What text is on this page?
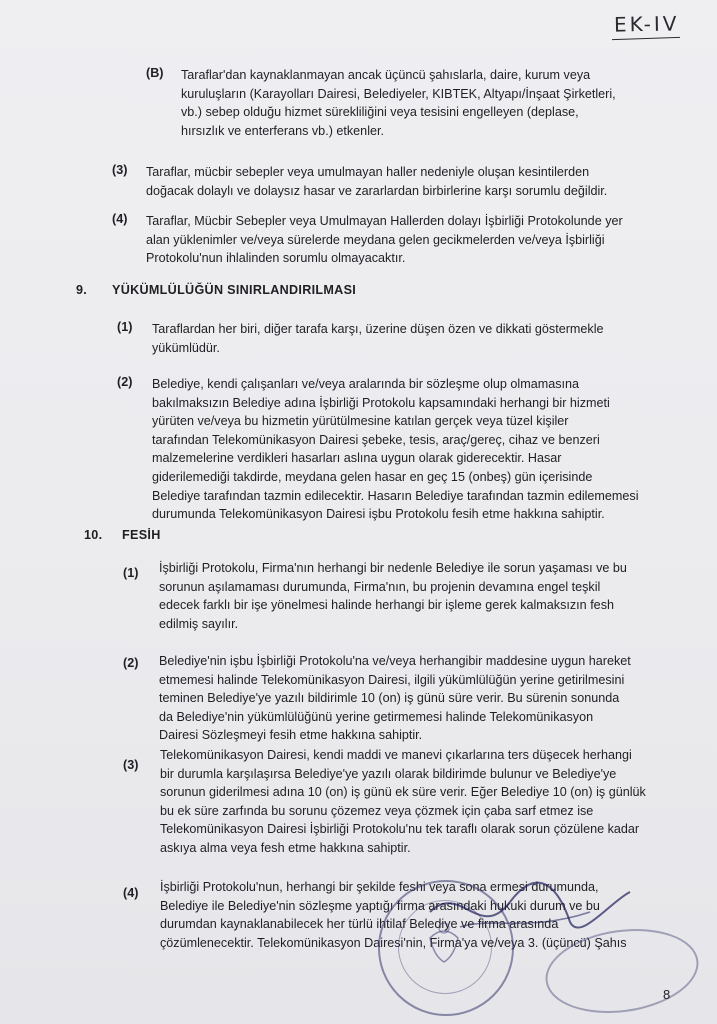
EK-IV
(B) Taraflar'dan kaynaklanmayan ancak üçüncü şahıslarla, daire, kurum veya
kuruluşların (Karayolları Dairesi, Belediyeler, KIBTEK, Altyapı/İnşaat Şirketleri,
vb.) sebep olduğu hizmet sürekliliğini veya tesisini engelleyen (deplase,
hırsızlık ve enterferans vb.) etkenler.
(3) Taraflar, mücbir sebepler veya umulmayan haller nedeniyle oluşan kesintilerden
doğacak dolaylı ve dolaysız hasar ve zararlardan birbirlerine karşı sorumlu değildir.
(4) Taraflar, Mücbir Sebepler veya Umulmayan Hallerden dolayı İşbirliği Protokolunde yer
alan yüklenimler ve/veya sürelerde meydana gelen gecikmelerden ve/veya İşbirliği
Protokolu'nun ihlalinden sorumlu olmayacaktır.
9. YÜKÜMLÜLÜĞÜN SINIRLANDIRILMASI
(1) Taraflardan her biri, diğer tarafa karşı, üzerine düşen özen ve dikkati göstermekle
yükümlüdür.
(2) Belediye, kendi çalışanları ve/veya aralarında bir sözleşme olup olmamasına
bakılmaksızın Belediye adına İşbirliği Protokolu kapsamındaki herhangi bir hizmeti
yürüten ve/veya bu hizmetin yürütülmesine katılan gerçek veya tüzel kişiler
tarafından Telekomünikasyon Dairesi şebeke, tesis, araç/gereç, cihaz ve benzeri
malzemelerine verdikleri hasarları aslına uygun olarak giderecektir. Hasar
giderilemediği takdirde, meydana gelen hasar en geç 15 (onbeş) gün içerisinde
Belediye tarafından tazmin edilecektir. Hasarın Belediye tarafından tazmin edilememesi
durumunda Telekomünikasyon Dairesi işbu Protokolu fesih etme hakkına sahiptir.
10. FESİH
(1) İşbirliği Protokolu, Firma'nın herhangi bir nedenle Belediye ile sorun yaşaması ve bu
sorunun aşılamaması durumunda, Firma'nın, bu projenin devamına engel teşkil
edecek farklı bir işe yönelmesi halinde herhangi bir işleme gerek kalmaksızın fesh
edilmiş sayılır.
(2) Belediye'nin işbu İşbirliği Protokolu'na ve/veya herhangibir maddesine uygun hareket
etmemesi halinde Telekomünikasyon Dairesi, ilgili yükümlülüğün yerine getirilmesini
teminen Belediye'ye yazılı bildirimle 10 (on) iş günü süre verir. Bu sürenin sonunda
da Belediye'nin yükümlülüğünü yerine getirmemesi halinde Telekomünikasyon
Dairesi Sözleşmeyi fesih etme hakkına sahiptir.
(3)
Telekomünikasyon Dairesi, kendi maddi ve manevi çıkarlarına ters düşecek herhangi
bir durumla karşılaşırsa Belediye'ye yazılı olarak bildirimde bulunur ve Belediye'ye
sorunun giderilmesi adına 10 (on) iş günü ek süre verir. Eğer Belediye 10 (on) iş günlük
bu ek süre zarfında bu sorunu çözemez veya çözmek için çaba sarf etmez ise
Telekomünikasyon Dairesi İşbirliği Protokolu'nu tek taraflı olarak sorun çözülene kadar
askıya alma veya fesh etme hakkına sahiptir.
(4) İşbirliği Protokolu'nun, herhangi bir şekilde feshi veya sona ermesi durumunda,
Belediye ile Belediye'nin sözleşme yaptığı firma arasındaki hukuki durum ve bu
durumdan kaynaklanabilecek her türlü ihtilaf Belediye ve firma arasında
çözümlenecektir. Telekomünikasyon Dairesi'nin, Firma'ya ve/veya 3. (üçüncü) Şahıs
8
